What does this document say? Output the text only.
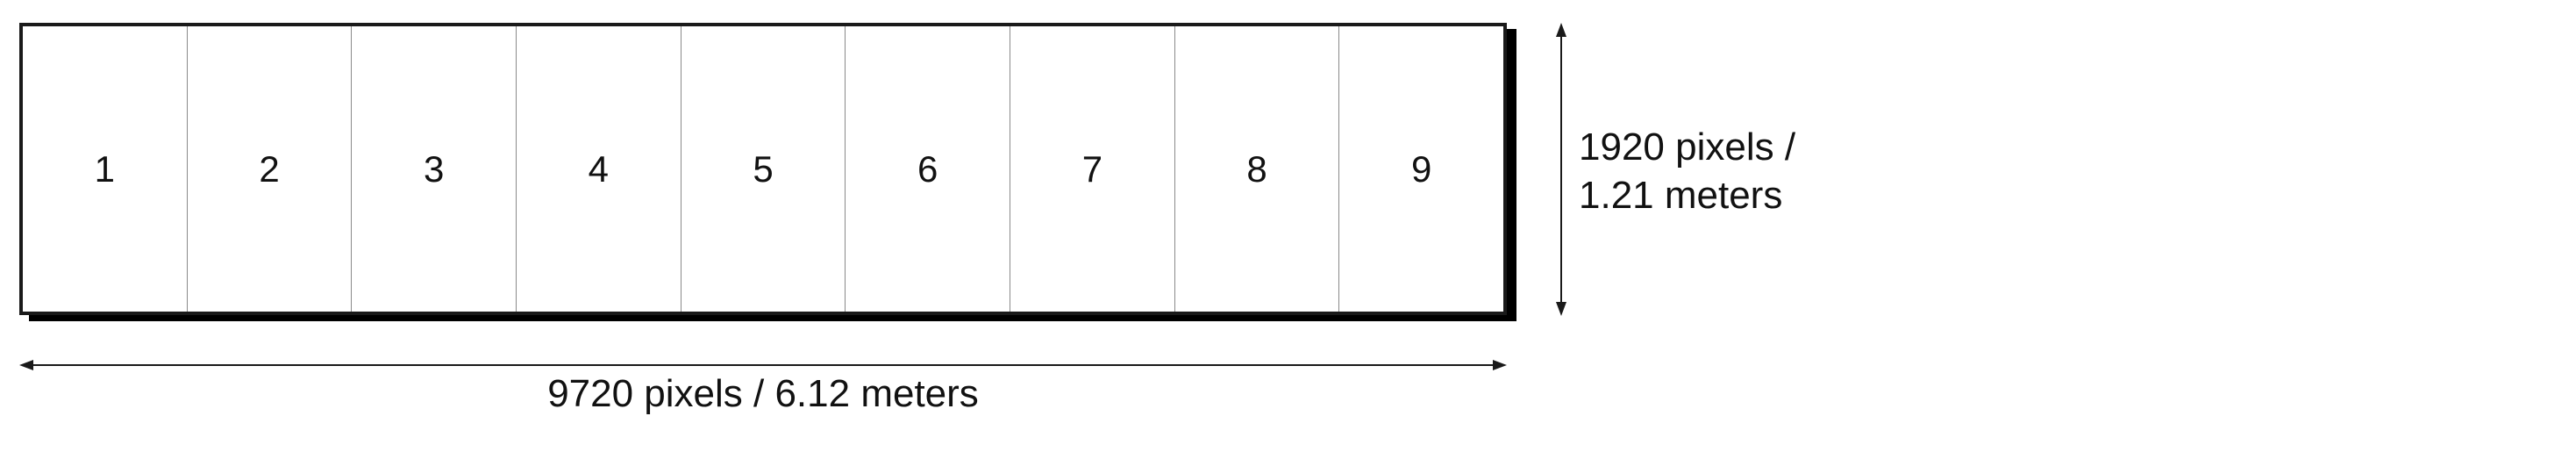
1	2	3	4	5	6	7	8	9
9720 pixels / 6.12 meters
1920 pixels /
1.21 meters
